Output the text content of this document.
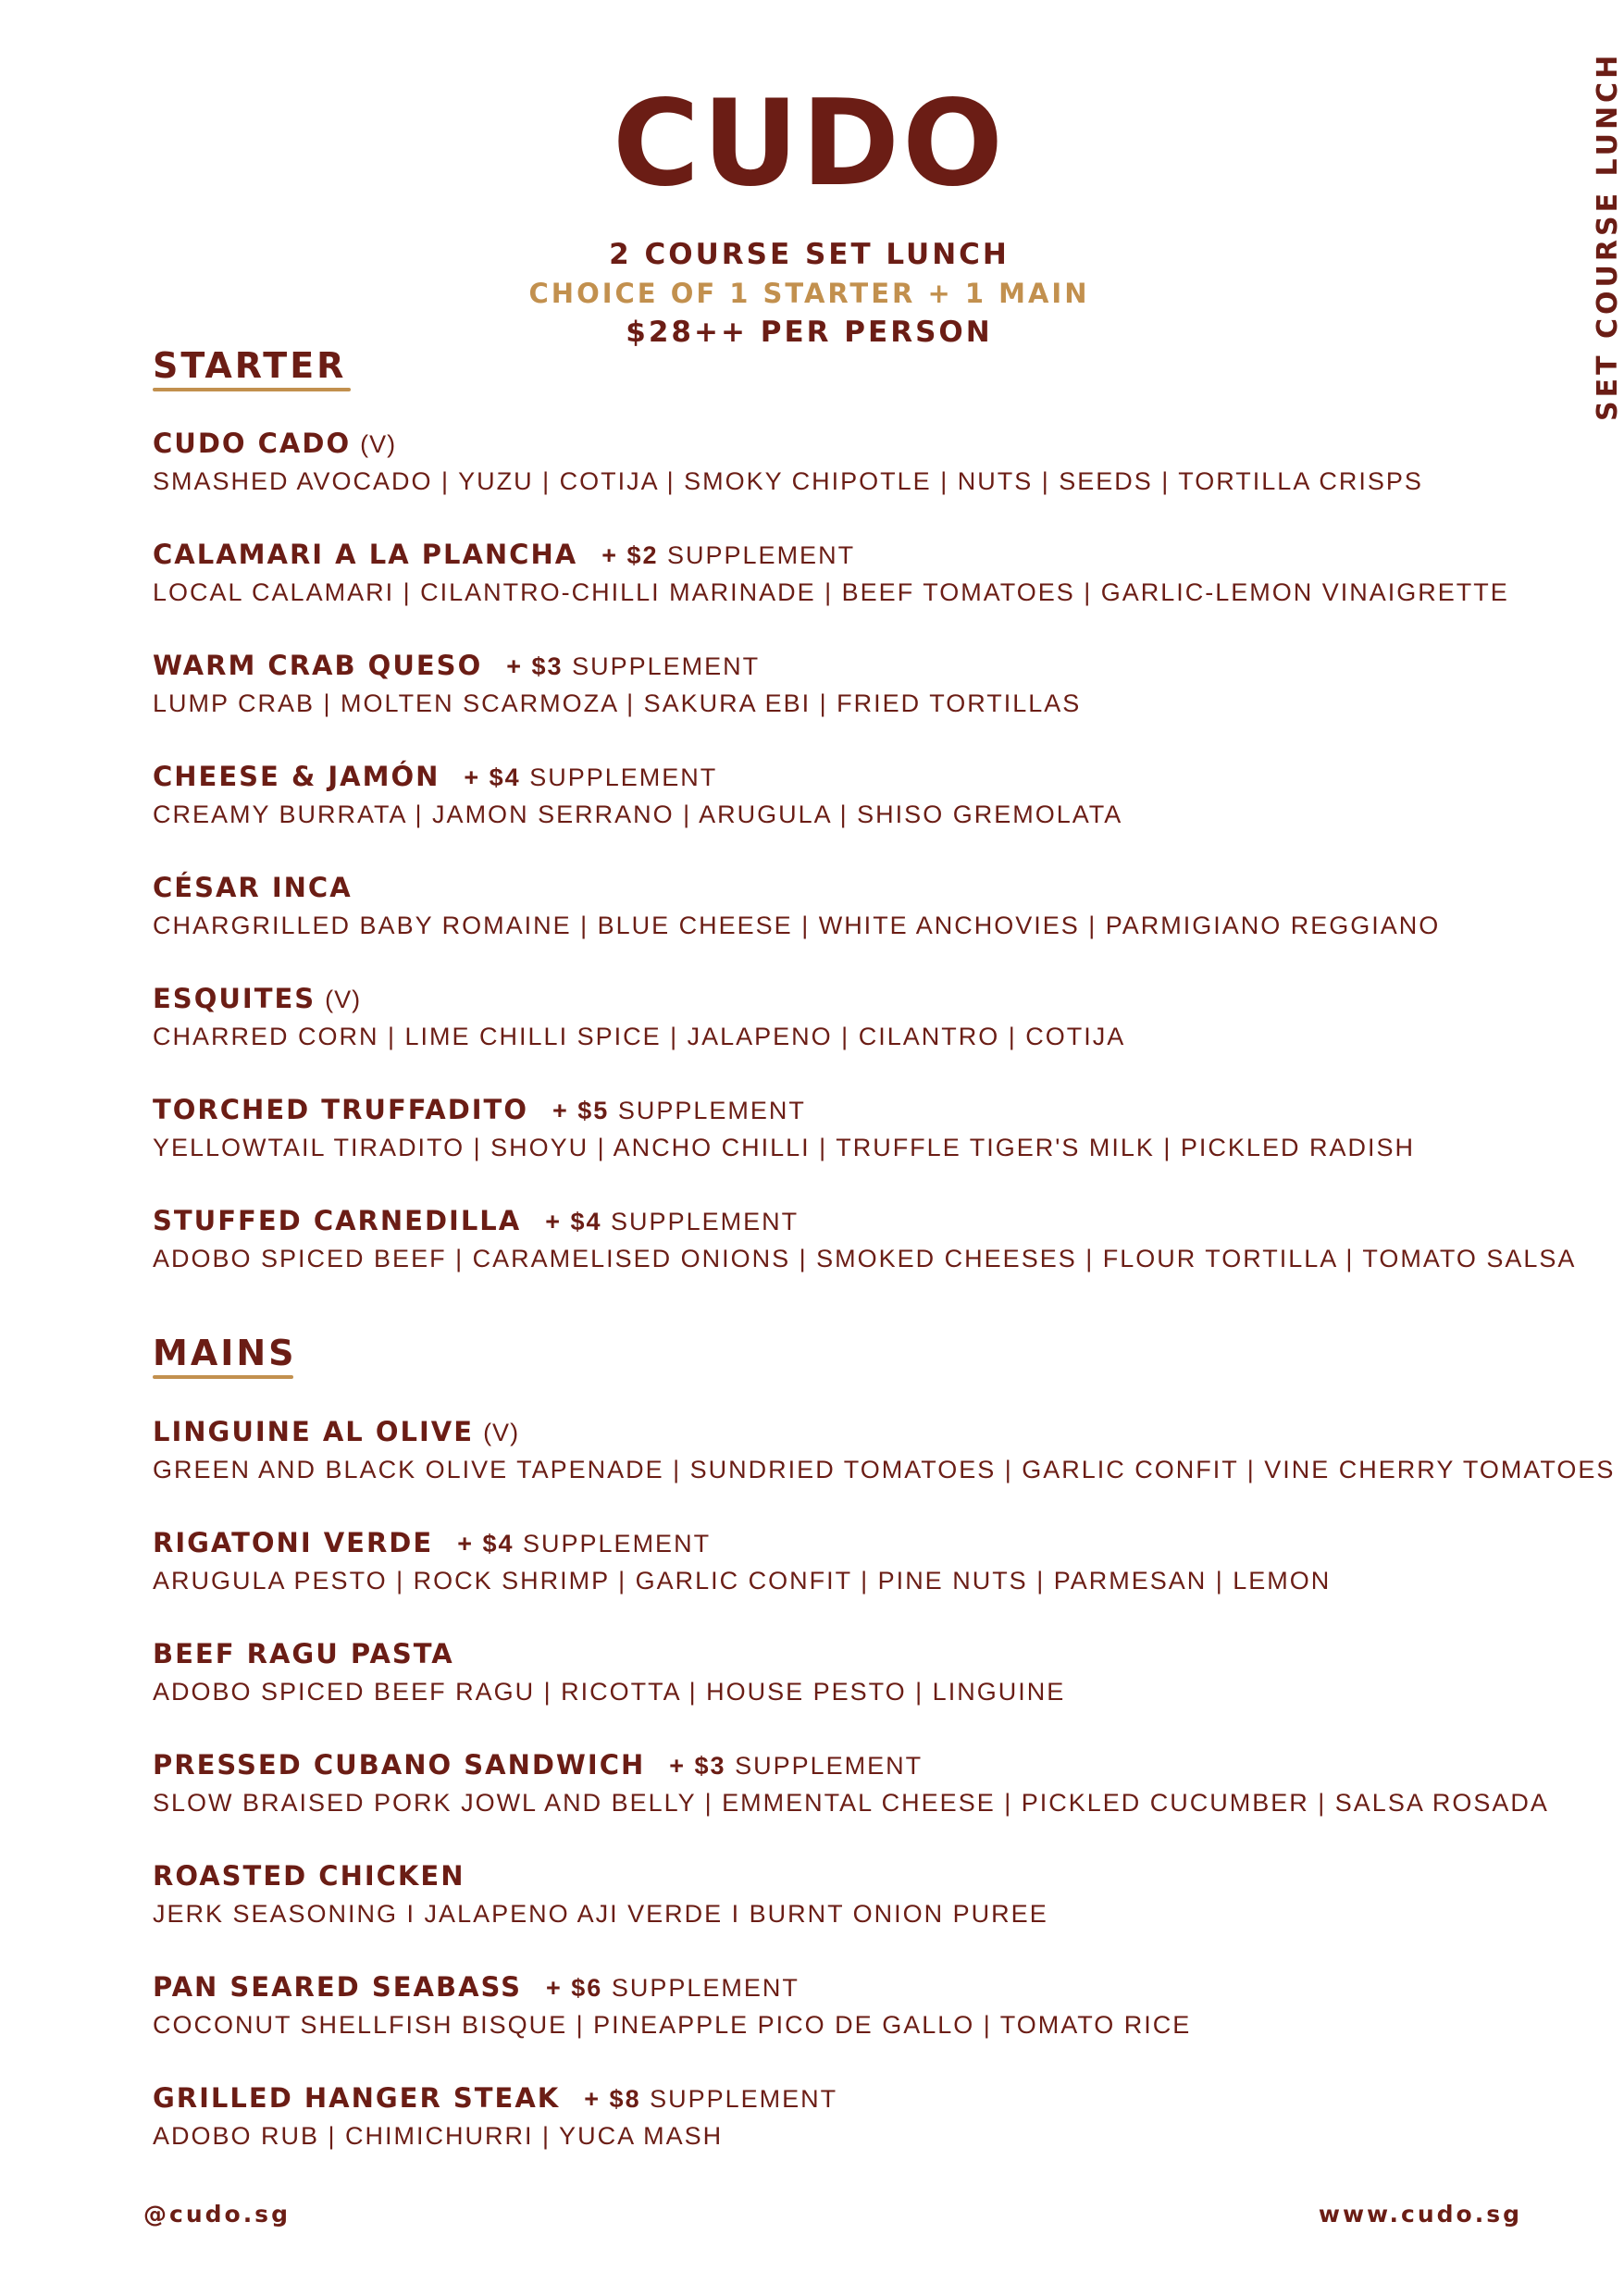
CUDO
2 COURSE SET LUNCH
CHOICE OF 1 STARTER + 1 MAIN
$28++ PER PERSON	SET COURSE LUNCH
STARTER
CUDO CADO (V)
SMASHED AVOCADO | YUZU | COTIJA | SMOKY CHIPOTLE | NUTS | SEEDS | TORTILLA CRISPS
CALAMARI A LA PLANCHA + $2 SUPPLEMENT
LOCAL CALAMARI | CILANTRO-CHILLI MARINADE | BEEF TOMATOES | GARLIC-LEMON VINAIGRETTE
WARM CRAB QUESO + $3 SUPPLEMENT
LUMP CRAB | MOLTEN SCARMOZA | SAKURA EBI | FRIED TORTILLAS
CHEESE & JAMÓN + $4 SUPPLEMENT
CREAMY BURRATA | JAMON SERRANO | ARUGULA | SHISO GREMOLATA
CÉSAR INCA
CHARGRILLED BABY ROMAINE | BLUE CHEESE | WHITE ANCHOVIES | PARMIGIANO REGGIANO
ESQUITES (V)
CHARRED CORN | LIME CHILLI SPICE | JALAPENO | CILANTRO | COTIJA
TORCHED TRUFFADITO + $5 SUPPLEMENT
YELLOWTAIL TIRADITO | SHOYU | ANCHO CHILLI | TRUFFLE TIGER'S MILK | PICKLED RADISH
STUFFED CARNEDILLA + $4 SUPPLEMENT
ADOBO SPICED BEEF | CARAMELISED ONIONS | SMOKED CHEESES | FLOUR TORTILLA | TOMATO SALSA
MAINS
LINGUINE AL OLIVE (V)
GREEN AND BLACK OLIVE TAPENADE | SUNDRIED TOMATOES | GARLIC CONFIT | VINE CHERRY TOMATOES
RIGATONI VERDE + $4 SUPPLEMENT
ARUGULA PESTO | ROCK SHRIMP | GARLIC CONFIT | PINE NUTS | PARMESAN | LEMON
BEEF RAGU PASTA
ADOBO SPICED BEEF RAGU | RICOTTA | HOUSE PESTO | LINGUINE
PRESSED CUBANO SANDWICH + $3 SUPPLEMENT
SLOW BRAISED PORK JOWL AND BELLY | EMMENTAL CHEESE | PICKLED CUCUMBER | SALSA ROSADA
ROASTED CHICKEN
JERK SEASONING I JALAPENO AJI VERDE I BURNT ONION PUREE
PAN SEARED SEABASS + $6 SUPPLEMENT
COCONUT SHELLFISH BISQUE | PINEAPPLE PICO DE GALLO | TOMATO RICE
GRILLED HANGER STEAK + $8 SUPPLEMENT
ADOBO RUB | CHIMICHURRI | YUCA MASH
@cudo.sg	www.cudo.sg
